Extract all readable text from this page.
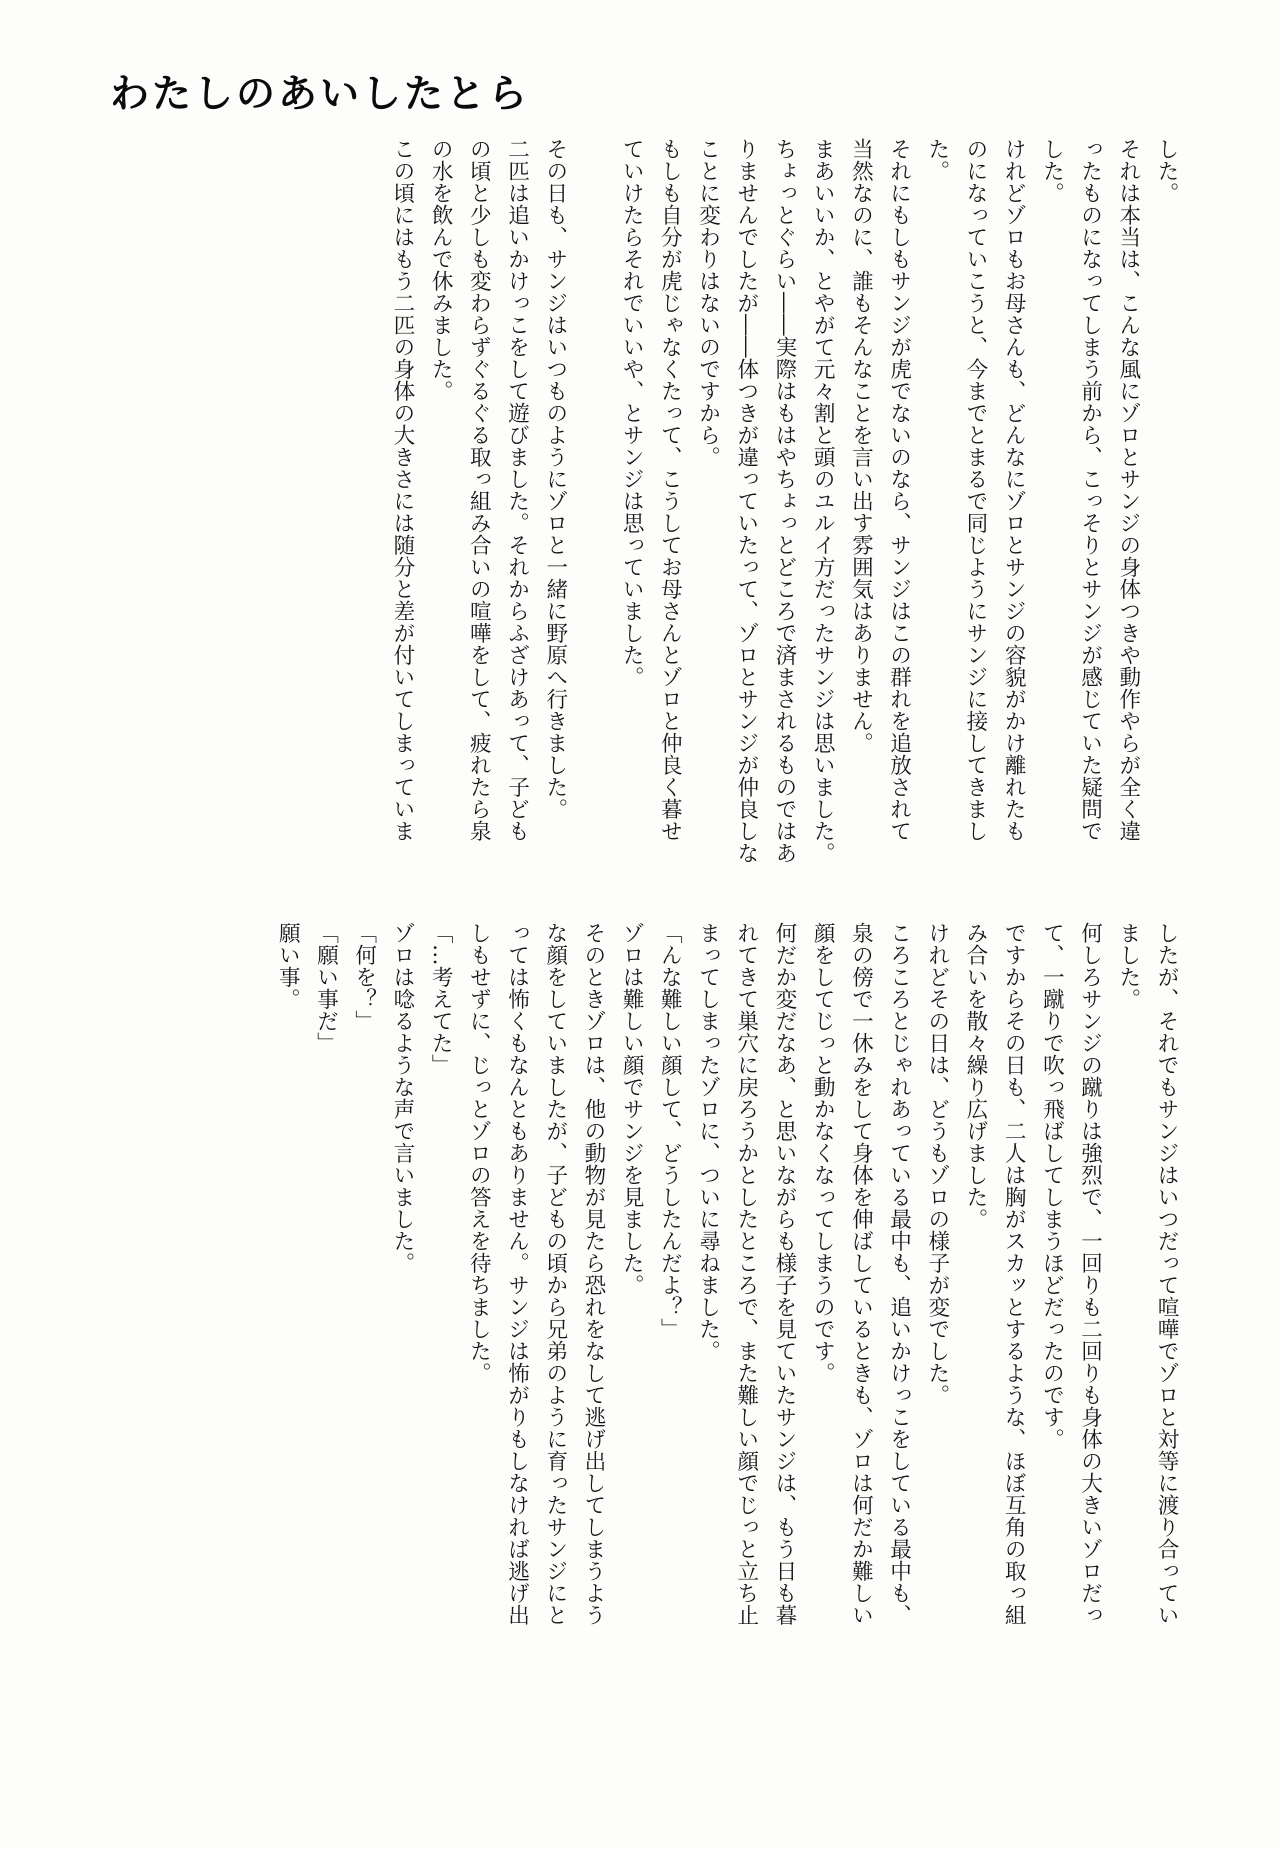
わたしのあいしたとら

した。

それは本当は、こんな風にゾロとサンジの身体つきや動作やらが全く違

ったものになってしまう前から、こっそりとサンジが感じていた疑問で

した。

けれどゾロもお母さんも、どんなにゾロとサンジの容貌がかけ離れたも

のになっていこうと、今までとまるで同じようにサンジに接してきまし

た。

それにもしもサンジが虎でないのなら、サンジはこの群れを追放されて

当然なのに、誰もそんなことを言い出す雰囲気はありません。

まあいいか、とやがて元々割と頭のユルイ方だったサンジは思いました。

ちょっとぐらい――実際はもはやちょっとどころで済まされるものではあ

りませんでしたが――体つきが違っていたって、ゾロとサンジが仲良しな

ことに変わりはないのですから。

もしも自分が虎じゃなくたって、こうしてお母さんとゾロと仲良く暮せ

ていけたらそれでいいや、とサンジは思っていました。

その日も、サンジはいつものようにゾロと一緒に野原へ行きました。

二匹は追いかけっこをして遊びました。それからふざけあって、子ども

の頃と少しも変わらずぐるぐる取っ組み合いの喧嘩をして、疲れたら泉

の水を飲んで休みました。

この頃にはもう二匹の身体の大きさには随分と差が付いてしまっていま

したが、それでもサンジはいつだって喧嘩でゾロと対等に渡り合ってい

ました。

何しろサンジの蹴りは強烈で、一回りも二回りも身体の大きいゾロだっ

て、一蹴りで吹っ飛ばしてしまうほどだったのです。

ですからその日も、二人は胸がスカッとするような、ほぼ互角の取っ組

み合いを散々繰り広げました。

けれどその日は、どうもゾロの様子が変でした。

ころころとじゃれあっている最中も、追いかけっこをしている最中も、

泉の傍で一休みをして身体を伸ばしているときも、ゾロは何だか難しい

顔をしてじっと動かなくなってしまうのです。

何だか変だなあ、と思いながらも様子を見ていたサンジは、もう日も暮

れてきて巣穴に戻ろうかとしたところで、また難しい顔でじっと立ち止

まってしまったゾロに、ついに尋ねました。

「んな難しい顔して、どうしたんだよ？」

ゾロは難しい顔でサンジを見ました。

そのときゾロは、他の動物が見たら恐れをなして逃げ出してしまうよう

な顔をしていましたが、子どもの頃から兄弟のように育ったサンジにと

っては怖くもなんともありません。サンジは怖がりもしなければ逃げ出

しもせずに、じっとゾロの答えを待ちました。

「…考えてた」

ゾロは唸るような声で言いました。

「何を？」

「願い事だ」

願い事。
